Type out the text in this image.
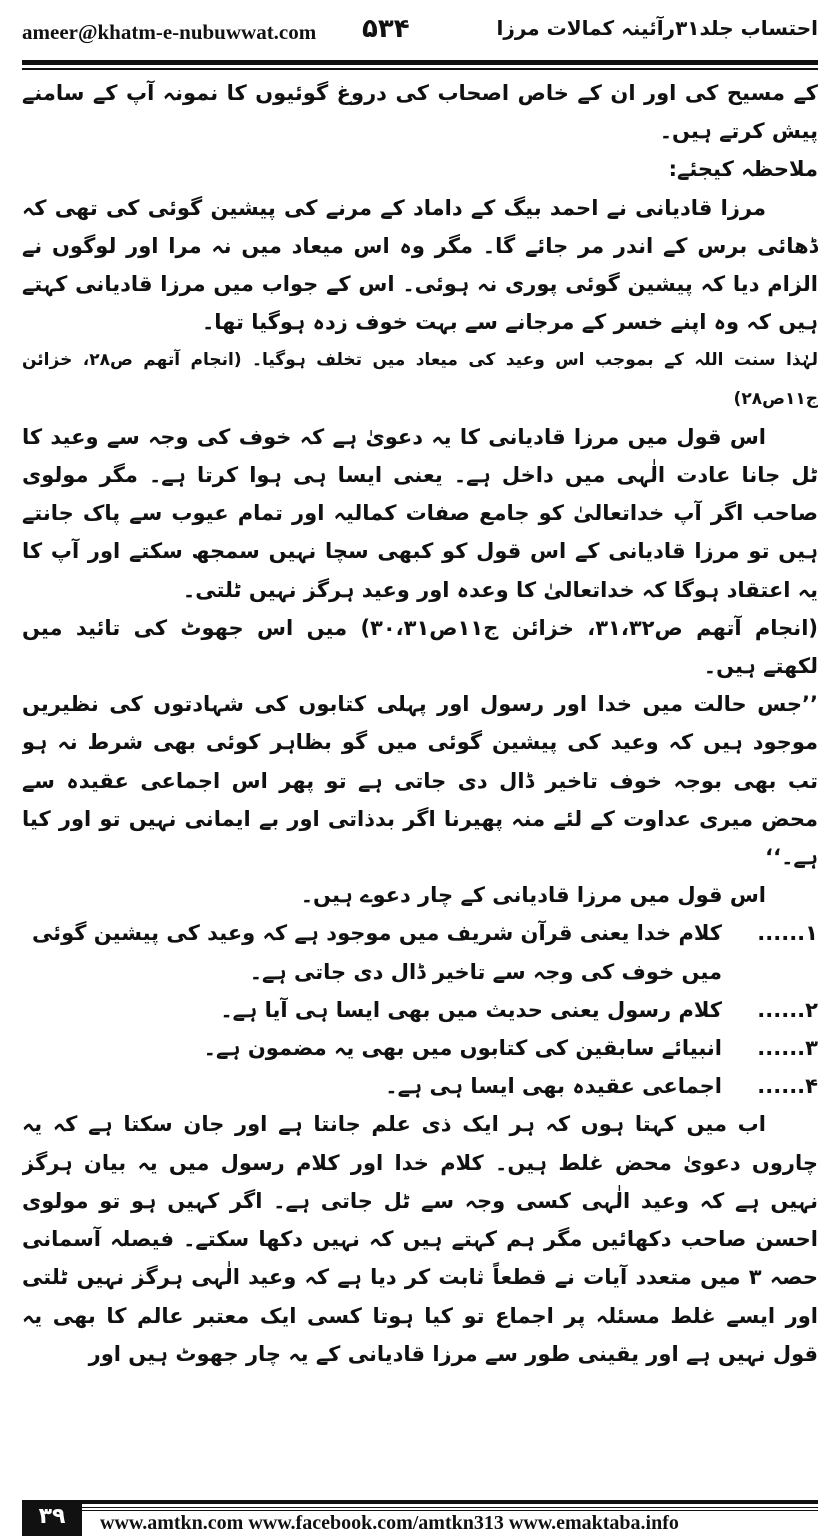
ameer@khatm-e-nubuwwat.com ۵۳۴	احتساب جلد۳۱رآئینہ کمالات مرزا

کے مسیح کی اور ان کے خاص اصحاب کی دروغ گوئیوں کا نمونہ آپ کے سامنے پیش کرتے ہیں۔

ملاحظہ کیجئے:

مرزا قادیانی نے احمد بیگ کے داماد کے مرنے کی پیشین گوئی کی تھی کہ ڈھائی برس کے اندر مر جائے گا۔ مگر وہ اس میعاد میں نہ مرا اور لوگوں نے الزام دیا کہ پیشین گوئی پوری نہ ہوئی۔ اس کے جواب میں مرزا قادیانی کہتے ہیں کہ وہ اپنے خسر کے مرجانے سے بہت خوف زدہ ہوگیا تھا۔

لہٰذا سنت اللہ کے بموجب اس وعید کی میعاد میں تخلف ہوگیا۔ (انجام آتھم ص۲۸، خزائن ج۱۱ص۲۸)

اس قول میں مرزا قادیانی کا یہ دعویٰ ہے کہ خوف کی وجہ سے وعید کا ٹل جانا عادت الٰہی میں داخل ہے۔ یعنی ایسا ہی ہوا کرتا ہے۔ مگر مولوی صاحب اگر آپ خداتعالیٰ کو جامع صفات کمالیہ اور تمام عیوب سے پاک جانتے ہیں تو مرزا قادیانی کے اس قول کو کبھی سچا نہیں سمجھ سکتے اور آپ کا یہ اعتقاد ہوگا کہ خداتعالیٰ کا وعدہ اور وعید ہرگز نہیں ٹلتی۔

(انجام آتھم ص۳۱،۳۲، خزائن ج۱۱ص۳۰،۳۱) میں اس جھوٹ کی تائید میں لکھتے ہیں۔

’’جس حالت میں خدا اور رسول اور پہلی کتابوں کی شہادتوں کی نظیریں موجود ہیں کہ وعید کی پیشین گوئی میں گو بظاہر کوئی بھی شرط نہ ہو تب بھی بوجہ خوف تاخیر ڈال دی جاتی ہے تو پھر اس اجماعی عقیدہ سے محض میری عداوت کے لئے منہ پھیرنا اگر بدذاتی اور بے ایمانی نہیں تو اور کیا ہے۔‘‘

اس قول میں مرزا قادیانی کے چار دعوے ہیں۔

۱......
کلام خدا یعنی قرآن شریف میں موجود ہے کہ وعید کی پیشین گوئی میں خوف کی وجہ سے تاخیر ڈال دی جاتی ہے۔
۲......
کلام رسول یعنی حدیث میں بھی ایسا ہی آیا ہے۔
۳......
انبیائے سابقین کی کتابوں میں بھی یہ مضمون ہے۔
۴......
اجماعی عقیدہ بھی ایسا ہی ہے۔

اب میں کہتا ہوں کہ ہر ایک ذی علم جانتا ہے اور جان سکتا ہے کہ یہ چاروں دعویٰ محض غلط ہیں۔ کلام خدا اور کلام رسول میں یہ بیان ہرگز نہیں ہے کہ وعید الٰہی کسی وجہ سے ٹل جاتی ہے۔ اگر کہیں ہو تو مولوی احسن صاحب دکھائیں مگر ہم کہتے ہیں کہ نہیں دکھا سکتے۔ فیصلہ آسمانی حصہ ۳ میں متعدد آیات نے قطعاً ثابت کر دیا ہے کہ وعید الٰہی ہرگز نہیں ٹلتی اور ایسے غلط مسئلہ پر اجماع تو کیا ہوتا کسی ایک معتبر عالم کا بھی یہ قول نہیں ہے اور یقینی طور سے مرزا قادیانی کے یہ چار جھوٹ ہیں اور

۳۹	www.amtkn.com www.facebook.com/amtkn313 www.emaktaba.info
